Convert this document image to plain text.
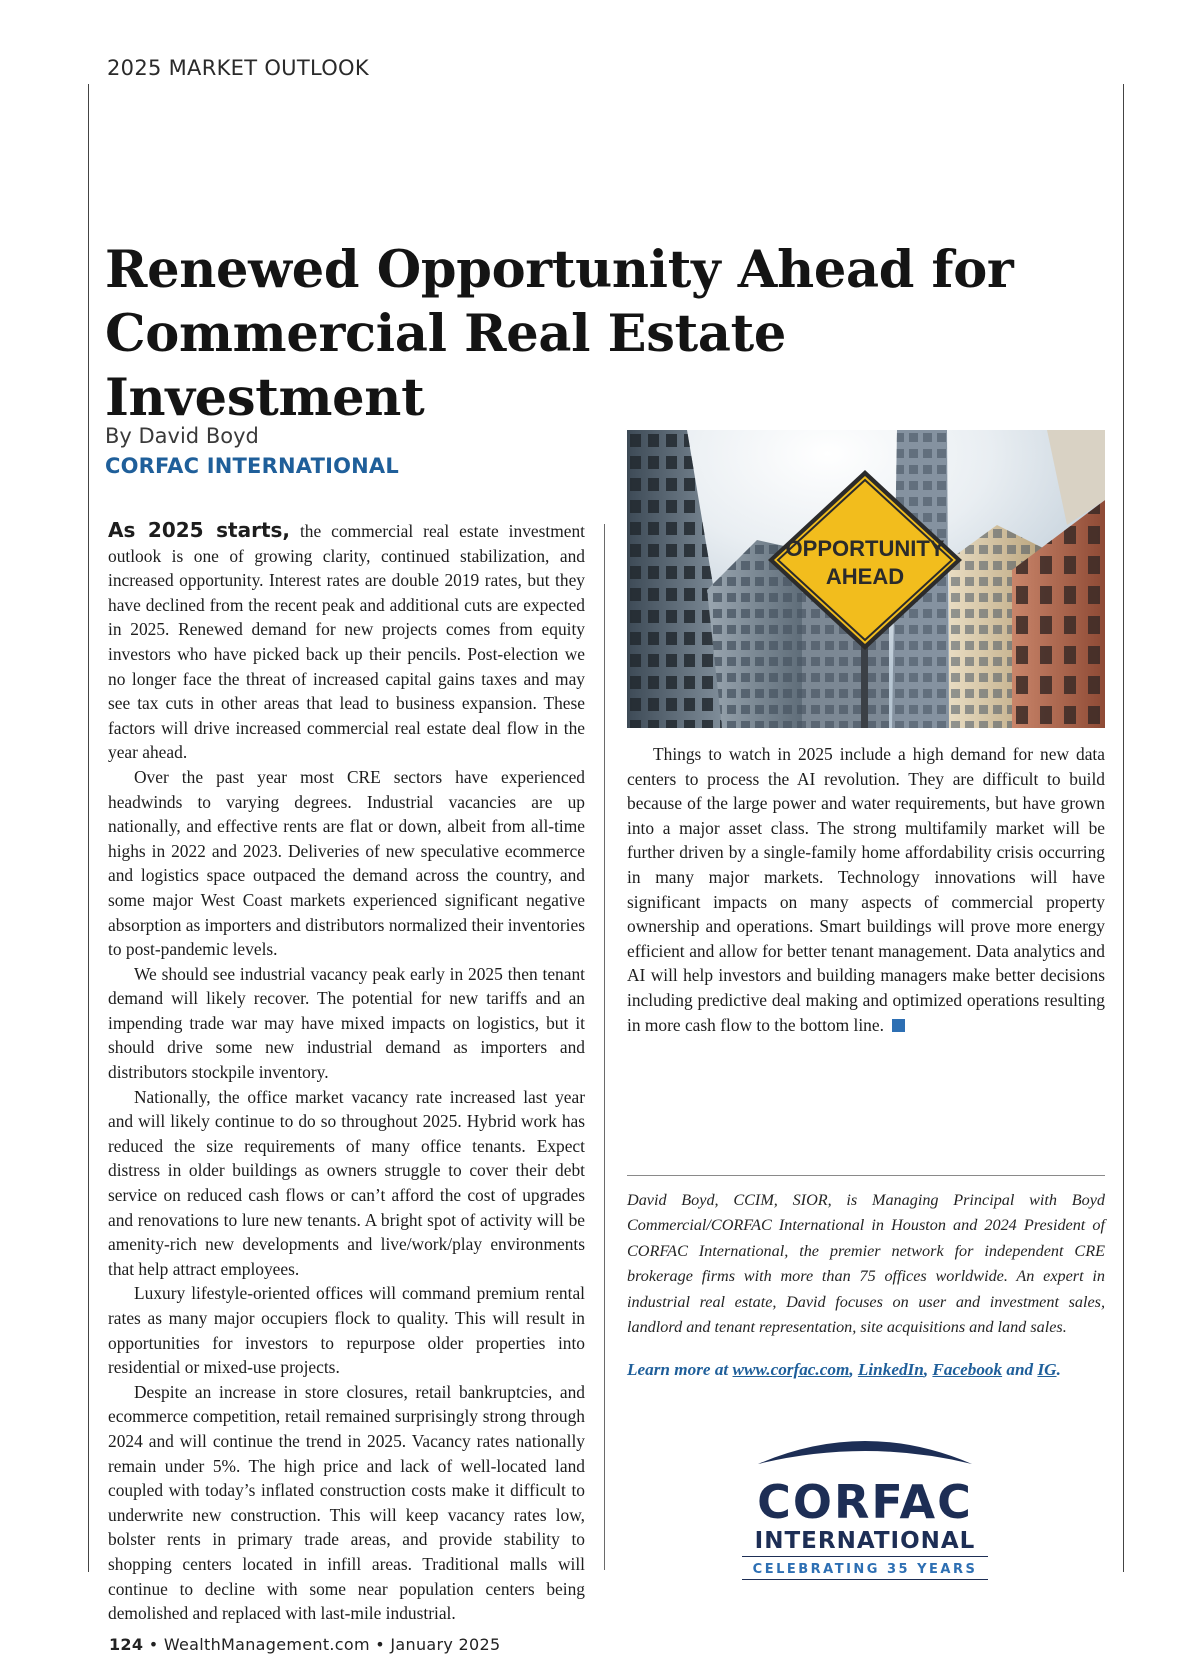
2025 MARKET OUTLOOK
Renewed Opportunity Ahead for
Commercial Real Estate Investment
By David Boyd
CORFAC INTERNATIONAL

As 2025 starts, the commercial real estate investment outlook is one of growing clarity, continued stabilization, and increased opportunity. Interest rates are double 2019 rates, but they have declined from the recent peak and additional cuts are expected in 2025. Renewed demand for new projects comes from equity investors who have picked back up their pencils. Post-election we no longer face the threat of increased capital gains taxes and may see tax cuts in other areas that lead to business expansion. These factors will drive increased commercial real estate deal flow in the year ahead.

Over the past year most CRE sectors have experienced headwinds to varying degrees. Industrial vacancies are up nationally, and effective rents are flat or down, albeit from all-time highs in 2022 and 2023. Deliveries of new speculative ecommerce and logistics space outpaced the demand across the country, and some major West Coast markets experienced significant negative absorption as importers and distributors normalized their inventories to post-pandemic levels.

We should see industrial vacancy peak early in 2025 then tenant demand will likely recover. The potential for new tariffs and an impending trade war may have mixed impacts on logistics, but it should drive some new industrial demand as importers and distributors stockpile inventory.

Nationally, the office market vacancy rate increased last year and will likely continue to do so throughout 2025. Hybrid work has reduced the size requirements of many office tenants. Expect distress in older buildings as owners struggle to cover their debt service on reduced cash flows or can’t afford the cost of upgrades and renovations to lure new tenants. A bright spot of activity will be amenity-rich new developments and live/work/play environments that help attract employees.

Luxury lifestyle-oriented offices will command premium rental rates as many major occupiers flock to quality. This will result in opportunities for investors to repurpose older properties into residential or mixed-use projects.

Despite an increase in store closures, retail bankruptcies, and ecommerce competition, retail remained surprisingly strong through 2024 and will continue the trend in 2025. Vacancy rates nationally remain under 5%. The high price and lack of well-located land coupled with today’s inflated construction costs make it difficult to underwrite new construction. This will keep vacancy rates low, bolster rents in primary trade areas, and provide stability to shopping centers located in infill areas. Traditional malls will continue to decline with some near population centers being demolished and replaced with last-mile industrial.

OPPORTUNITY
AHEAD

Things to watch in 2025 include a high demand for new data centers to process the AI revolution. They are difficult to build because of the large power and water requirements, but have grown into a major asset class. The strong multifamily market will be further driven by a single-family home affordability crisis occurring in many major markets. Technology innovations will have significant impacts on many aspects of commercial property ownership and operations. Smart buildings will prove more energy efficient and allow for better tenant management. Data analytics and AI will help investors and building managers make better decisions including predictive deal making and optimized operations resulting in more cash flow to the bottom line.

David Boyd, CCIM, SIOR, is Managing Principal with Boyd Commercial/CORFAC International in Houston and 2024 President of CORFAC International, the premier network for independent CRE brokerage firms with more than 75 offices worldwide. An expert in industrial real estate, David focuses on user and investment sales, landlord and tenant representation, site acquisitions and land sales.

Learn more at www.corfac.com, LinkedIn, Facebook and IG.
CORFAC
INTERNATIONAL
CELEBRATING 35 YEARS
124 • WealthManagement.com • January 2025
